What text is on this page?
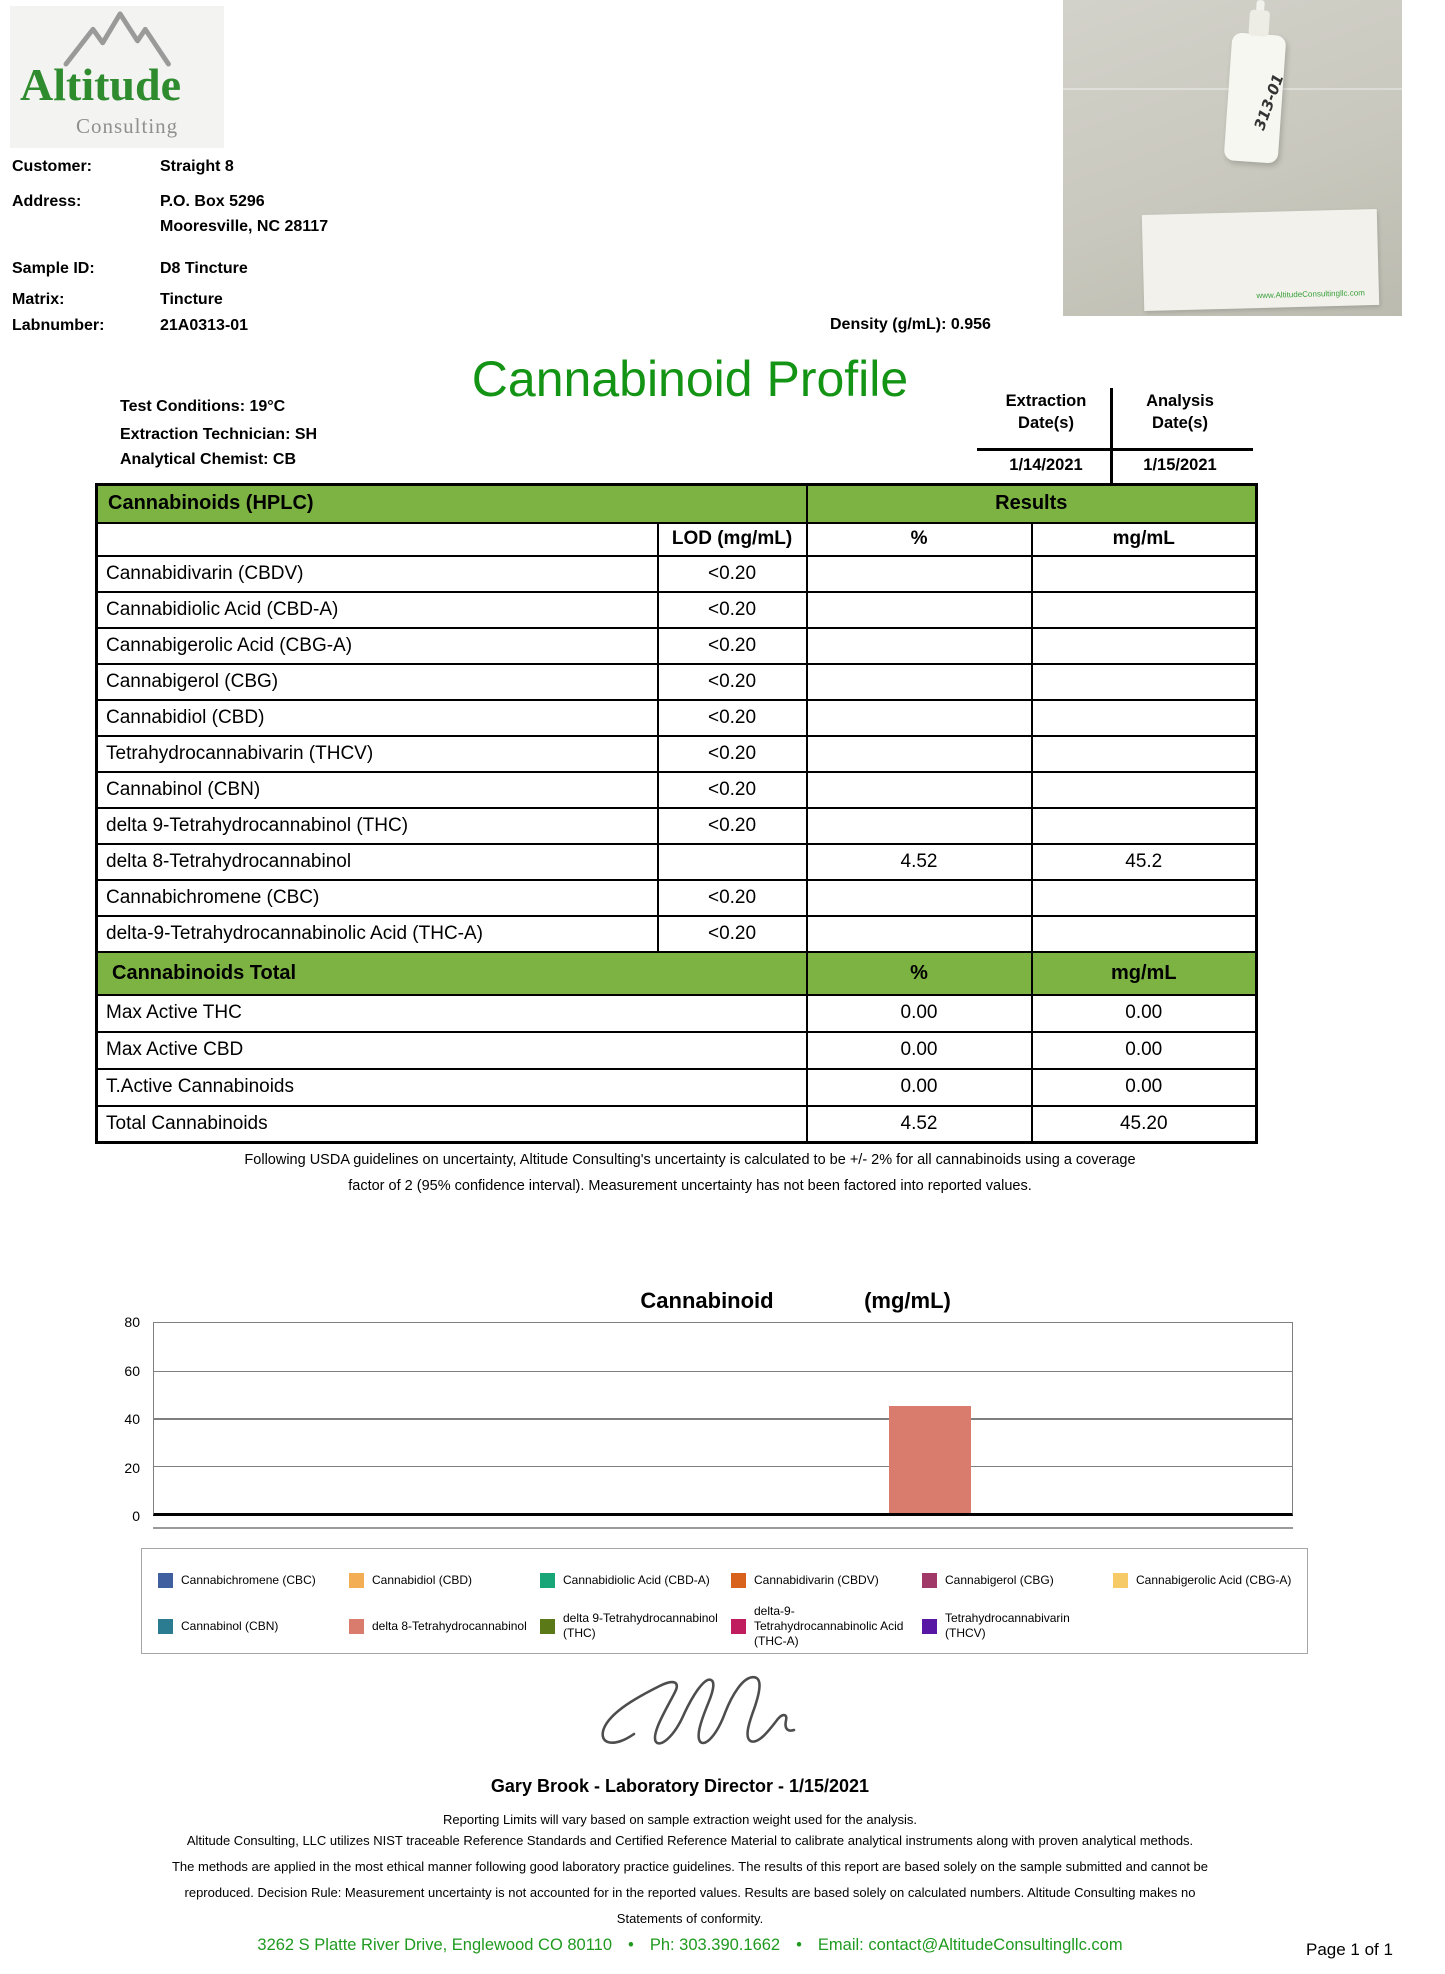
Altitude
Consulting
Customer:	Straight 8
Address:	P.O. Box 5296
Mooresville, NC 28117
Sample ID:	D8 Tincture
Matrix:	Tincture
Labnumber:	21A0313-01	Density (g/mL): 0.956
313-01
www.AltitudeConsultingllc.com
Cannabinoid Profile
Test Conditions: 19°C
Extraction Technician: SH
Analytical Chemist: CB
Extraction Date(s)
Analysis Date(s)
1/14/2021	1/15/2021
Cannabinoids (HPLC)		Results	
	LOD (mg/mL)	%	mg/mL
Cannabidivarin (CBDV)	<0.20		
Cannabidiolic Acid (CBD-A)	<0.20		
Cannabigerolic Acid (CBG-A)	<0.20		
Cannabigerol (CBG)	<0.20		
Cannabidiol (CBD)	<0.20		
Tetrahydrocannabivarin (THCV)	<0.20		
Cannabinol (CBN)	<0.20		
delta 9-Tetrahydrocannabinol (THC)	<0.20		
delta 8-Tetrahydrocannabinol		4.52	45.2
Cannabichromene (CBC)	<0.20		
delta-9-Tetrahydrocannabinolic Acid (THC-A)	<0.20		
Cannabinoids Total		%	mg/mL
Max Active THC		0.00	0.00
Max Active CBD		0.00	0.00
T.Active Cannabinoids		0.00	0.00
Total Cannabinoids		4.52	45.20
Following USDA guidelines on uncertainty, Altitude Consulting's uncertainty is calculated to be +/- 2% for all cannabinoids using a coverage
factor of 2 (95% confidence interval). Measurement uncertainty has not been factored into reported values.
Cannabinoid	(mg/mL)
0
20
40
60
80
Cannabichromene (CBC)	Cannabidiol (CBD)	Cannabidiolic Acid (CBD-A)	Cannabidivarin (CBDV)	Cannabigerol (CBG)	Cannabigerolic Acid (CBG-A)
Cannabinol (CBN)	delta 8-Tetrahydrocannabinol
delta 9-Tetrahydrocannabinol (THC)
delta-9-Tetrahydrocannabinolic Acid (THC-A)
Tetrahydrocannabivarin (THCV)
Gary Brook - Laboratory Director - 1/15/2021
Reporting Limits will vary based on sample extraction weight used for the analysis.
Altitude Consulting, LLC utilizes NIST traceable Reference Standards and Certified Reference Material to calibrate analytical instruments along with proven analytical methods.
The methods are applied in the most ethical manner following good laboratory practice guidelines. The results of this report are based solely on the sample submitted and cannot be
reproduced. Decision Rule: Measurement uncertainty is not accounted for in the reported values. Results are based solely on calculated numbers. Altitude Consulting makes no
Statements of conformity.
3262 S Platte River Drive, Englewood CO 80110 • Ph: 303.390.1662 • Email: contact@AltitudeConsultingllc.com	Page 1 of 1
